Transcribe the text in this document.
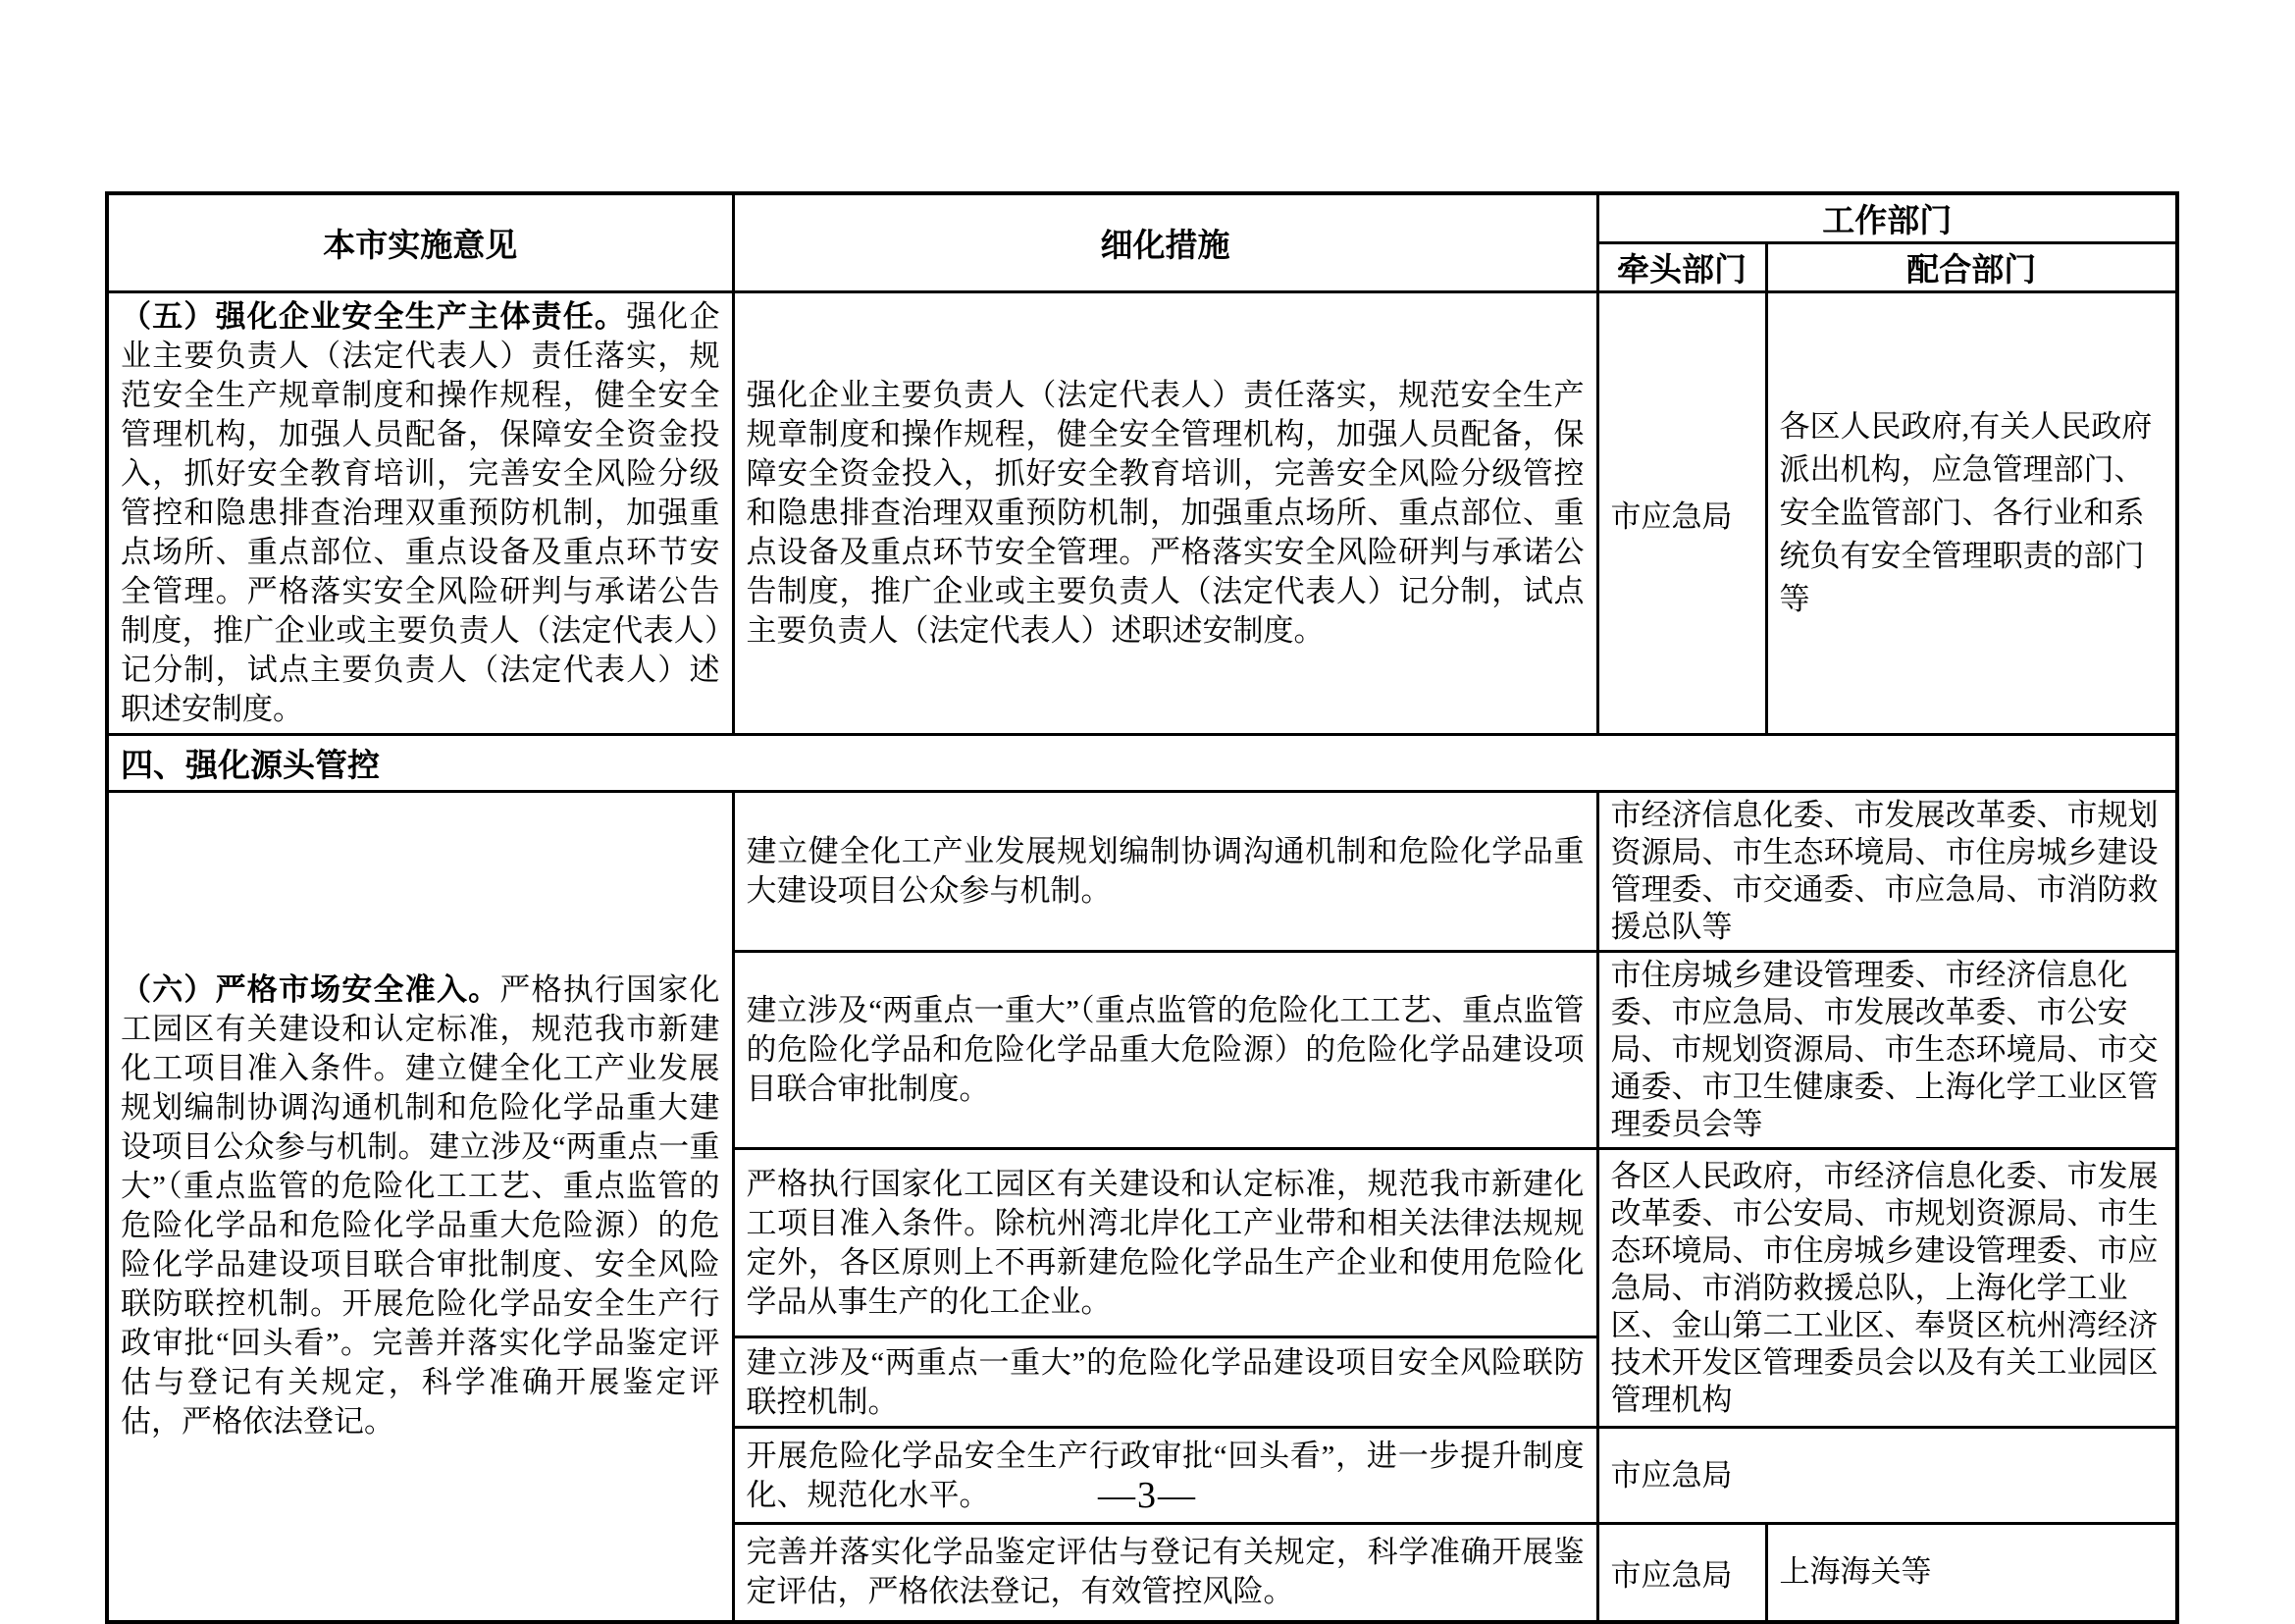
本市实施意见	细化措施	工作部门	
		牵头部门	配合部门
（五）强化企业安全生产主体责任。强化企业主要负责人（法定代表人）责任落实，规范安全生产规章制度和操作规程，健全安全管理机构，加强人员配备，保障安全资金投入，抓好安全教育培训，完善安全风险分级管控和隐患排查治理双重预防机制，加强重点场所、重点部位、重点设备及重点环节安全管理。严格落实安全风险研判与承诺公告制度，推广企业或主要负责人（法定代表人）记分制，试点主要负责人（法定代表人）述职述安制度。	强化企业主要负责人（法定代表人）责任落实，规范安全生产规章制度和操作规程，健全安全管理机构，加强人员配备，保障安全资金投入，抓好安全教育培训，完善安全风险分级管控和隐患排查治理双重预防机制，加强重点场所、重点部位、重点设备及重点环节安全管理。严格落实安全风险研判与承诺公告制度，推广企业或主要负责人（法定代表人）记分制，试点主要负责人（法定代表人）述职述安制度。	市应急局	各区人民政府,有关人民政府派出机构，应急管理部门、安全监管部门、各行业和系统负有安全管理职责的部门等
四、强化源头管控			
（六）严格市场安全准入。严格执行国家化工园区有关建设和认定标准，规范我市新建化工项目准入条件。建立健全化工产业发展规划编制协调沟通机制和危险化学品重大建设项目公众参与机制。建立涉及“两重点一重大”（重点监管的危险化工工艺、重点监管的危险化学品和危险化学品重大危险源）的危险化学品建设项目联合审批制度、安全风险联防联控机制。开展危险化学品安全生产行政审批“回头看”。完善并落实化学品鉴定评估与登记有关规定，科学准确开展鉴定评估，严格依法登记。	建立健全化工产业发展规划编制协调沟通机制和危险化学品重大建设项目公众参与机制。	市经济信息化委、市发展改革委、市规划资源局、市生态环境局、市住房城乡建设管理委、市交通委、市应急局、市消防救援总队等	
	建立涉及“两重点一重大”（重点监管的危险化工工艺、重点监管的危险化学品和危险化学品重大危险源）的危险化学品建设项目联合审批制度。	市住房城乡建设管理委、市经济信息化委、市应急局、市发展改革委、市公安局、市规划资源局、市生态环境局、市交通委、市卫生健康委、上海化学工业区管理委员会等	
	严格执行国家化工园区有关建设和认定标准，规范我市新建化工项目准入条件。除杭州湾北岸化工产业带和相关法律法规规定外，各区原则上不再新建危险化学品生产企业和使用危险化学品从事生产的化工企业。	各区人民政府，市经济信息化委、市发展改革委、市公安局、市规划资源局、市生态环境局、市住房城乡建设管理委、市应急局、市消防救援总队，上海化学工业区、金山第二工业区、奉贤区杭州湾经济技术开发区管理委员会以及有关工业园区管理机构	
	建立涉及“两重点一重大”的危险化学品建设项目安全风险联防联控机制。		
	开展危险化学品安全生产行政审批“回头看”，进一步提升制度化、规范化水平。	市应急局	
	完善并落实化学品鉴定评估与登记有关规定，科学准确开展鉴定评估，严格依法登记，有效管控风险。	市应急局	上海海关等
—3—
